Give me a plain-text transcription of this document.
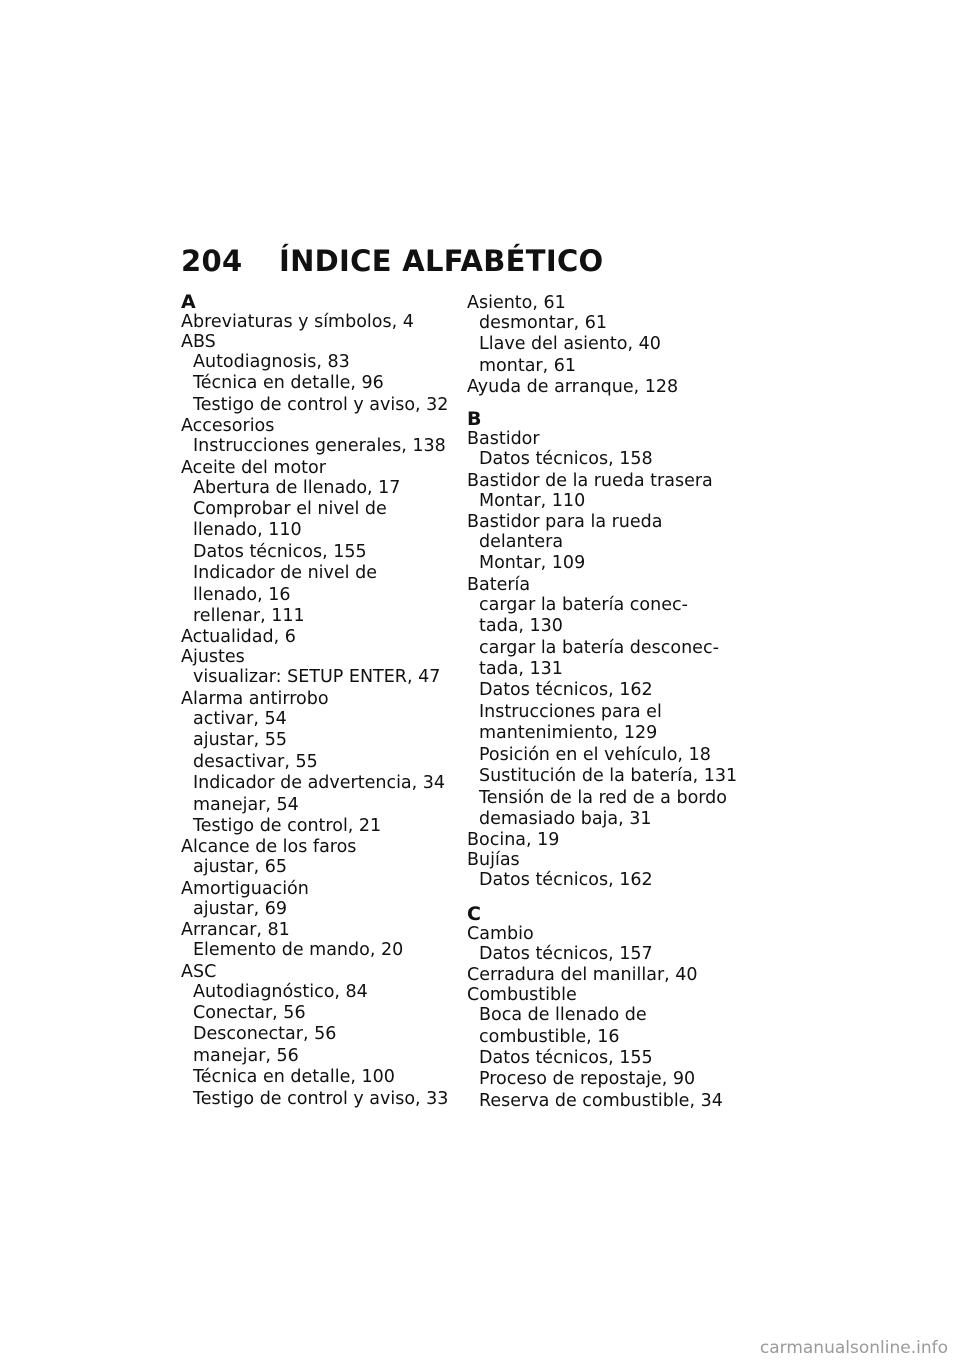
204 ÍNDICE ALFABÉTICO
A
Abreviaturas y símbolos, 4
ABS
Autodiagnosis, 83
Técnica en detalle, 96
Testigo de control y aviso, 32
Accesorios
Instrucciones generales, 138
Aceite del motor
Abertura de llenado, 17
Comprobar el nivel de
llenado, 110
Datos técnicos, 155
Indicador de nivel de
llenado, 16
rellenar, 111
Actualidad, 6
Ajustes
visualizar: SETUP ENTER, 47
Alarma antirrobo
activar, 54
ajustar, 55
desactivar, 55
Indicador de advertencia, 34
manejar, 54
Testigo de control, 21
Alcance de los faros
ajustar, 65
Amortiguación
ajustar, 69
Arrancar, 81
Elemento de mando, 20
ASC
Autodiagnóstico, 84
Conectar, 56
Desconectar, 56
manejar, 56
Técnica en detalle, 100
Testigo de control y aviso, 33
Asiento, 61
desmontar, 61
Llave del asiento, 40
montar, 61
Ayuda de arranque, 128
B
Bastidor
Datos técnicos, 158
Bastidor de la rueda trasera
Montar, 110
Bastidor para la rueda
delantera
Montar, 109
Batería
cargar la batería conec-
tada, 130
cargar la batería desconec-
tada, 131
Datos técnicos, 162
Instrucciones para el
mantenimiento, 129
Posición en el vehículo, 18
Sustitución de la batería, 131
Tensión de la red de a bordo
demasiado baja, 31
Bocina, 19
Bujías
Datos técnicos, 162
C
Cambio
Datos técnicos, 157
Cerradura del manillar, 40
Combustible
Boca de llenado de
combustible, 16
Datos técnicos, 155
Proceso de repostaje, 90
Reserva de combustible, 34
carmanualsonline.info
